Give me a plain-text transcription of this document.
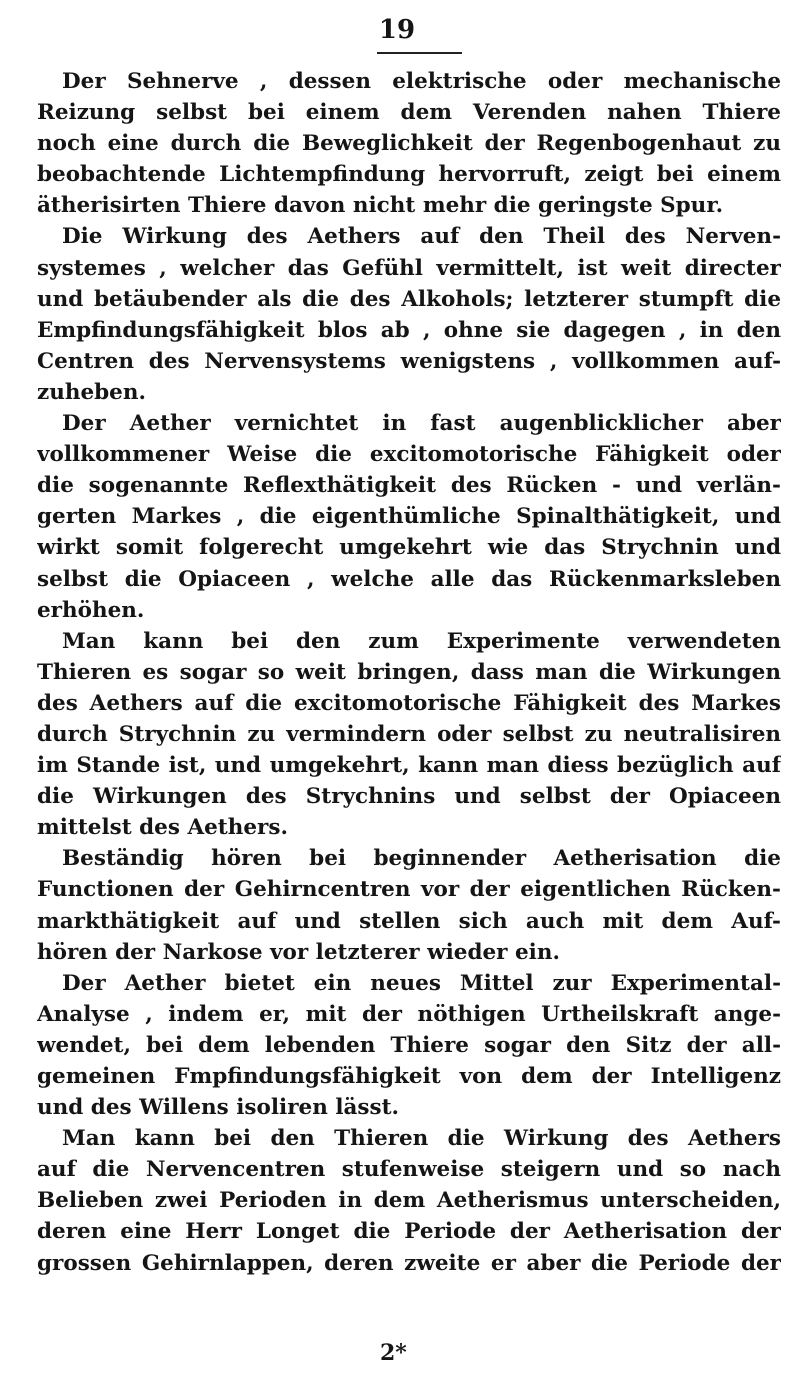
19
Der Sehnerve , dessen elektrische oder mechanische
Reizung selbst bei einem dem Verenden nahen Thiere
noch eine durch die Beweglichkeit der Regenbogenhaut zu
beobachtende Lichtempfindung hervorruft, zeigt bei einem
ätherisirten Thiere davon nicht mehr die geringste Spur.
Die Wirkung des Aethers auf den Theil des Nerven-
systemes , welcher das Gefühl vermittelt, ist weit directer
und betäubender als die des Alkohols; letzterer stumpft die
Empfindungsfähigkeit blos ab , ohne sie dagegen , in den
Centren des Nervensystems wenigstens , vollkommen auf-
zuheben.
Der Aether vernichtet in fast augenblicklicher aber
vollkommener Weise die excitomotorische Fähigkeit oder
die sogenannte Reflexthätigkeit des Rücken - und verlän-
gerten Markes , die eigenthümliche Spinalthätigkeit, und
wirkt somit folgerecht umgekehrt wie das Strychnin und
selbst die Opiaceen , welche alle das Rückenmarksleben
erhöhen.
Man kann bei den zum Experimente verwendeten
Thieren es sogar so weit bringen, dass man die Wirkungen
des Aethers auf die excitomotorische Fähigkeit des Markes
durch Strychnin zu vermindern oder selbst zu neutralisiren
im Stande ist, und umgekehrt, kann man diess bezüglich auf
die Wirkungen des Strychnins und selbst der Opiaceen
mittelst des Aethers.
Beständig hören bei beginnender Aetherisation die
Functionen der Gehirncentren vor der eigentlichen Rücken-
markthätigkeit auf und stellen sich auch mit dem Auf-
hören der Narkose vor letzterer wieder ein.
Der Aether bietet ein neues Mittel zur Experimental-
Analyse , indem er, mit der nöthigen Urtheilskraft ange-
wendet, bei dem lebenden Thiere sogar den Sitz der all-
gemeinen Fmpfindungsfähigkeit von dem der Intelligenz
und des Willens isoliren lässt.
Man kann bei den Thieren die Wirkung des Aethers
auf die Nervencentren stufenweise steigern und so nach
Belieben zwei Perioden in dem Aetherismus unterscheiden,
deren eine Herr Longet die Periode der Aetherisation der
grossen Gehirnlappen, deren zweite er aber die Periode der
2*
